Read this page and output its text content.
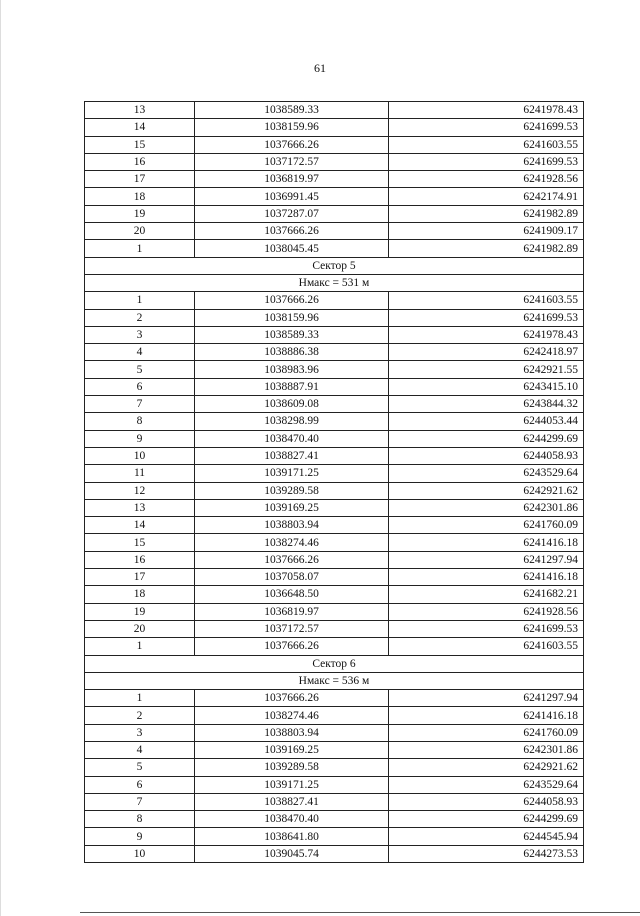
61
13	1038589.33	6241978.43
14	1038159.96	6241699.53
15	1037666.26	6241603.55
16	1037172.57	6241699.53
17	1036819.97	6241928.56
18	1036991.45	6242174.91
19	1037287.07	6241982.89
20	1037666.26	6241909.17
1	1038045.45	6241982.89
Сектор 5		
Hмакс = 531 м		
1	1037666.26	6241603.55
2	1038159.96	6241699.53
3	1038589.33	6241978.43
4	1038886.38	6242418.97
5	1038983.96	6242921.55
6	1038887.91	6243415.10
7	1038609.08	6243844.32
8	1038298.99	6244053.44
9	1038470.40	6244299.69
10	1038827.41	6244058.93
11	1039171.25	6243529.64
12	1039289.58	6242921.62
13	1039169.25	6242301.86
14	1038803.94	6241760.09
15	1038274.46	6241416.18
16	1037666.26	6241297.94
17	1037058.07	6241416.18
18	1036648.50	6241682.21
19	1036819.97	6241928.56
20	1037172.57	6241699.53
1	1037666.26	6241603.55
Сектор 6		
Hмакс = 536 м		
1	1037666.26	6241297.94
2	1038274.46	6241416.18
3	1038803.94	6241760.09
4	1039169.25	6242301.86
5	1039289.58	6242921.62
6	1039171.25	6243529.64
7	1038827.41	6244058.93
8	1038470.40	6244299.69
9	1038641.80	6244545.94
10	1039045.74	6244273.53
